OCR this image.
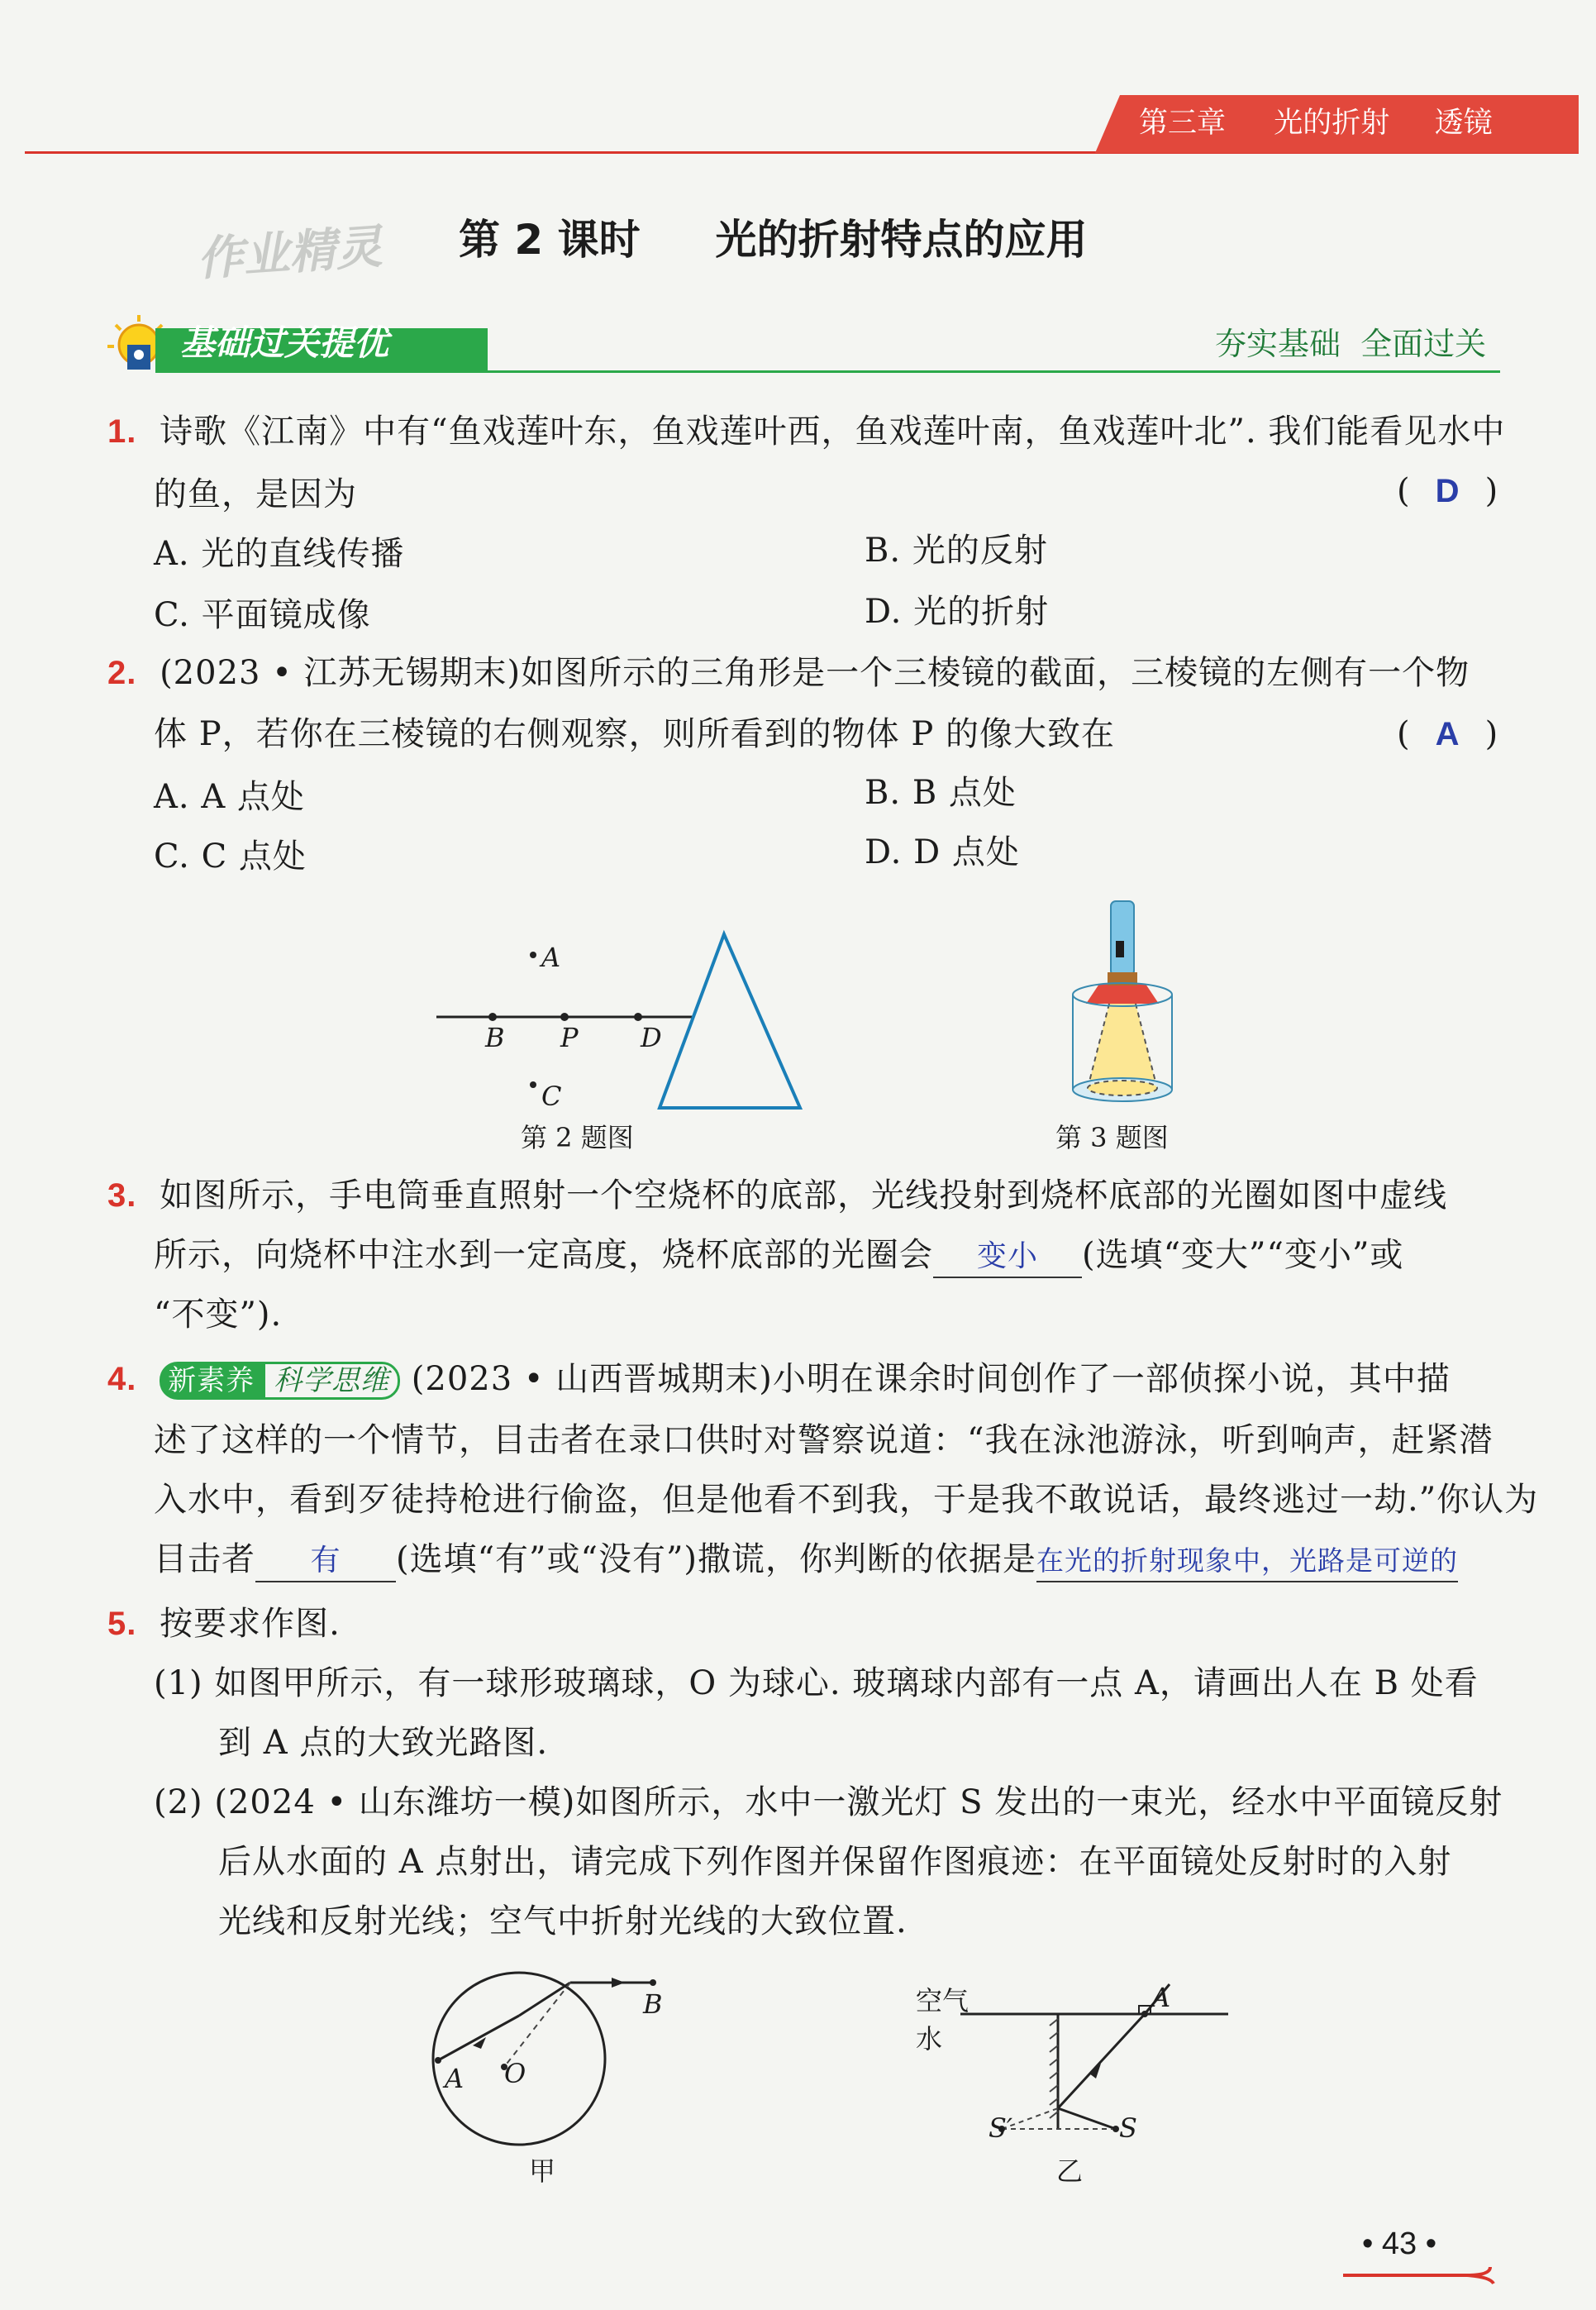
第三章 光的折射 透镜
作业精灵 第 2 课时 光的折射特点的应用
基础过关提优	夯实基础  全面过关
1. 诗歌《江南》中有“鱼戏莲叶东，鱼戏莲叶西，鱼戏莲叶南，鱼戏莲叶北”. 我们能看见水中
的鱼，是因为	( D )
A. 光的直线传播	B. 光的反射
C. 平面镜成像	D. 光的折射
2. (2023 • 江苏无锡期末)如图所示的三角形是一个三棱镜的截面，三棱镜的左侧有一个物
体 P，若你在三棱镜的右侧观察，则所看到的物体 P 的像大致在	( A )
A. A 点处	B. B 点处
C. C 点处	D. D 点处
A
B P D
C
第 2 题图	第 3 题图
3. 如图所示，手电筒垂直照射一个空烧杯的底部，光线投射到烧杯底部的光圈如图中虚线
所示，向烧杯中注水到一定高度，烧杯底部的光圈会 变小 (选填“变大”“变小”或
“不变”).
4. 新素养 科学思维 (2023 • 山西晋城期末)小明在课余时间创作了一部侦探小说，其中描
述了这样的一个情节，目击者在录口供时对警察说道：“我在泳池游泳，听到响声，赶紧潜
入水中，看到歹徒持枪进行偷盗，但是他看不到我，于是我不敢说话，最终逃过一劫.”你认为
目击者 有 (选填“有”或“没有”)撒谎，你判断的依据是在光的折射现象中，光路是可逆的
5. 按要求作图.
(1) 如图甲所示，有一球形玻璃球，O 为球心. 玻璃球内部有一点 A，请画出人在 B 处看
到 A 点的大致光路图.
(2) (2024 • 山东潍坊一模)如图所示，水中一激光灯 S 发出的一束光，经水中平面镜反射
后从水面的 A 点射出，请完成下列作图并保留作图痕迹：在平面镜处反射时的入射
光线和反射光线；空气中折射光线的大致位置.
A O
B
甲
空气
水
A
S′	S
乙
• 43 •
